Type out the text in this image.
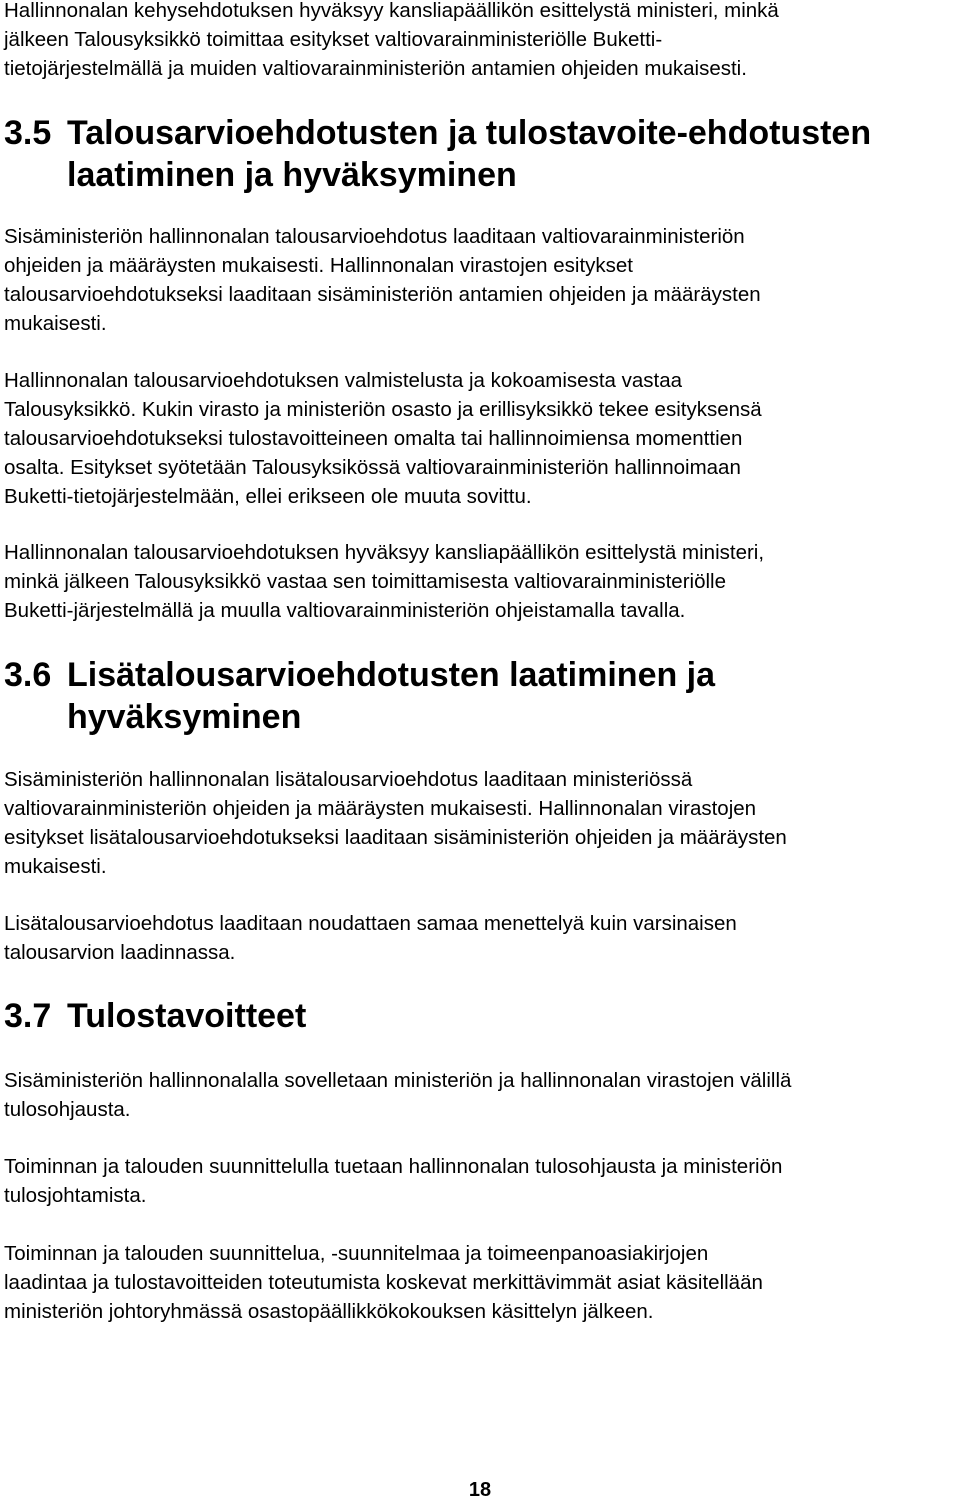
Hallinnonalan kehysehdotuksen hyväksyy kansliapäällikön esittelystä ministeri, minkä
jälkeen Talousyksikkö toimittaa esitykset valtiovarainministeriölle Buketti-
tietojärjestelmällä ja muiden valtiovarainministeriön antamien ohjeiden mukaisesti.

3.5 Talousarvioehdotusten ja tulostavoite-ehdotusten
laatiminen ja hyväksyminen

Sisäministeriön hallinnonalan talousarvioehdotus laaditaan valtiovarainministeriön
ohjeiden ja määräysten mukaisesti. Hallinnonalan virastojen esitykset
talousarvioehdotukseksi laaditaan sisäministeriön antamien ohjeiden ja määräysten
mukaisesti.

Hallinnonalan talousarvioehdotuksen valmistelusta ja kokoamisesta vastaa
Talousyksikkö. Kukin virasto ja ministeriön osasto ja erillisyksikkö tekee esityksensä
talousarvioehdotukseksi tulostavoitteineen omalta tai hallinnoimiensa momenttien
osalta. Esitykset syötetään Talousyksikössä valtiovarainministeriön hallinnoimaan
Buketti-tietojärjestelmään, ellei erikseen ole muuta sovittu.

Hallinnonalan talousarvioehdotuksen hyväksyy kansliapäällikön esittelystä ministeri,
minkä jälkeen Talousyksikkö vastaa sen toimittamisesta valtiovarainministeriölle
Buketti-järjestelmällä ja muulla valtiovarainministeriön ohjeistamalla tavalla.

3.6 Lisätalousarvioehdotusten laatiminen ja
hyväksyminen

Sisäministeriön hallinnonalan lisätalousarvioehdotus laaditaan ministeriössä
valtiovarainministeriön ohjeiden ja määräysten mukaisesti. Hallinnonalan virastojen
esitykset lisätalousarvioehdotukseksi laaditaan sisäministeriön ohjeiden ja määräysten
mukaisesti.

Lisätalousarvioehdotus laaditaan noudattaen samaa menettelyä kuin varsinaisen
talousarvion laadinnassa.

3.7 Tulostavoitteet

Sisäministeriön hallinnonalalla sovelletaan ministeriön ja hallinnonalan virastojen välillä
tulosohjausta.

Toiminnan ja talouden suunnittelulla tuetaan hallinnonalan tulosohjausta ja ministeriön
tulosjohtamista.

Toiminnan ja talouden suunnittelua, -suunnitelmaa ja toimeenpanoasiakirjojen
laadintaa ja tulostavoitteiden toteutumista koskevat merkittävimmät asiat käsitellään
ministeriön johtoryhmässä osastopäällikkökokouksen käsittelyn jälkeen.

18
